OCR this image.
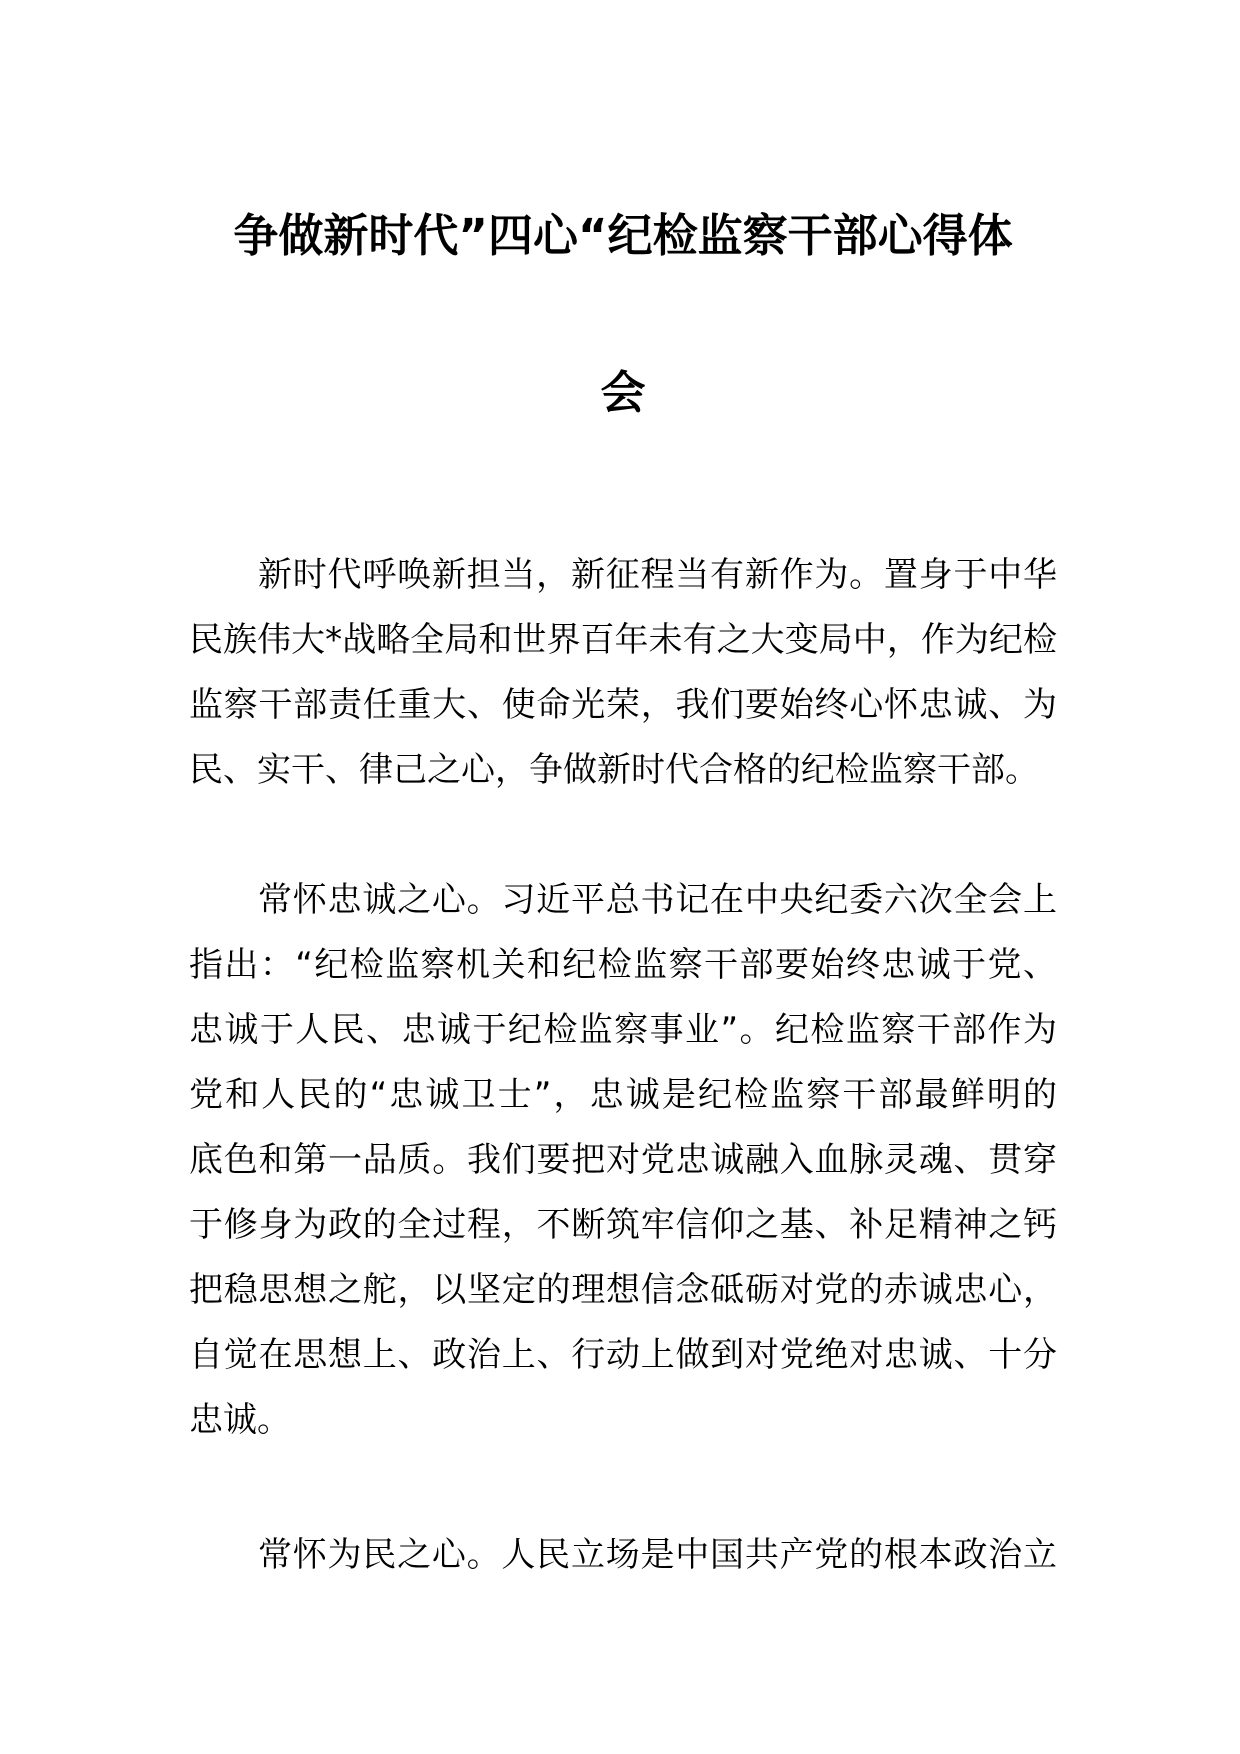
争做新时代”四心“纪检监察干部心得体
会
新时代呼唤新担当，新征程当有新作为。置身于中华
民族伟大*战略全局和世界百年未有之大变局中，作为纪检
监察干部责任重大、使命光荣，我们要始终心怀忠诚、为
民、实干、律己之心，争做新时代合格的纪检监察干部。
常怀忠诚之心。习近平总书记在中央纪委六次全会上
指出：“纪检监察机关和纪检监察干部要始终忠诚于党、
忠诚于人民、忠诚于纪检监察事业”。纪检监察干部作为
党和人民的“忠诚卫士”，忠诚是纪检监察干部最鲜明的
底色和第一品质。我们要把对党忠诚融入血脉灵魂、贯穿
于修身为政的全过程，不断筑牢信仰之基、补足精神之钙
把稳思想之舵，以坚定的理想信念砥砺对党的赤诚忠心，
自觉在思想上、政治上、行动上做到对党绝对忠诚、十分
忠诚。
常怀为民之心。人民立场是中国共产党的根本政治立
